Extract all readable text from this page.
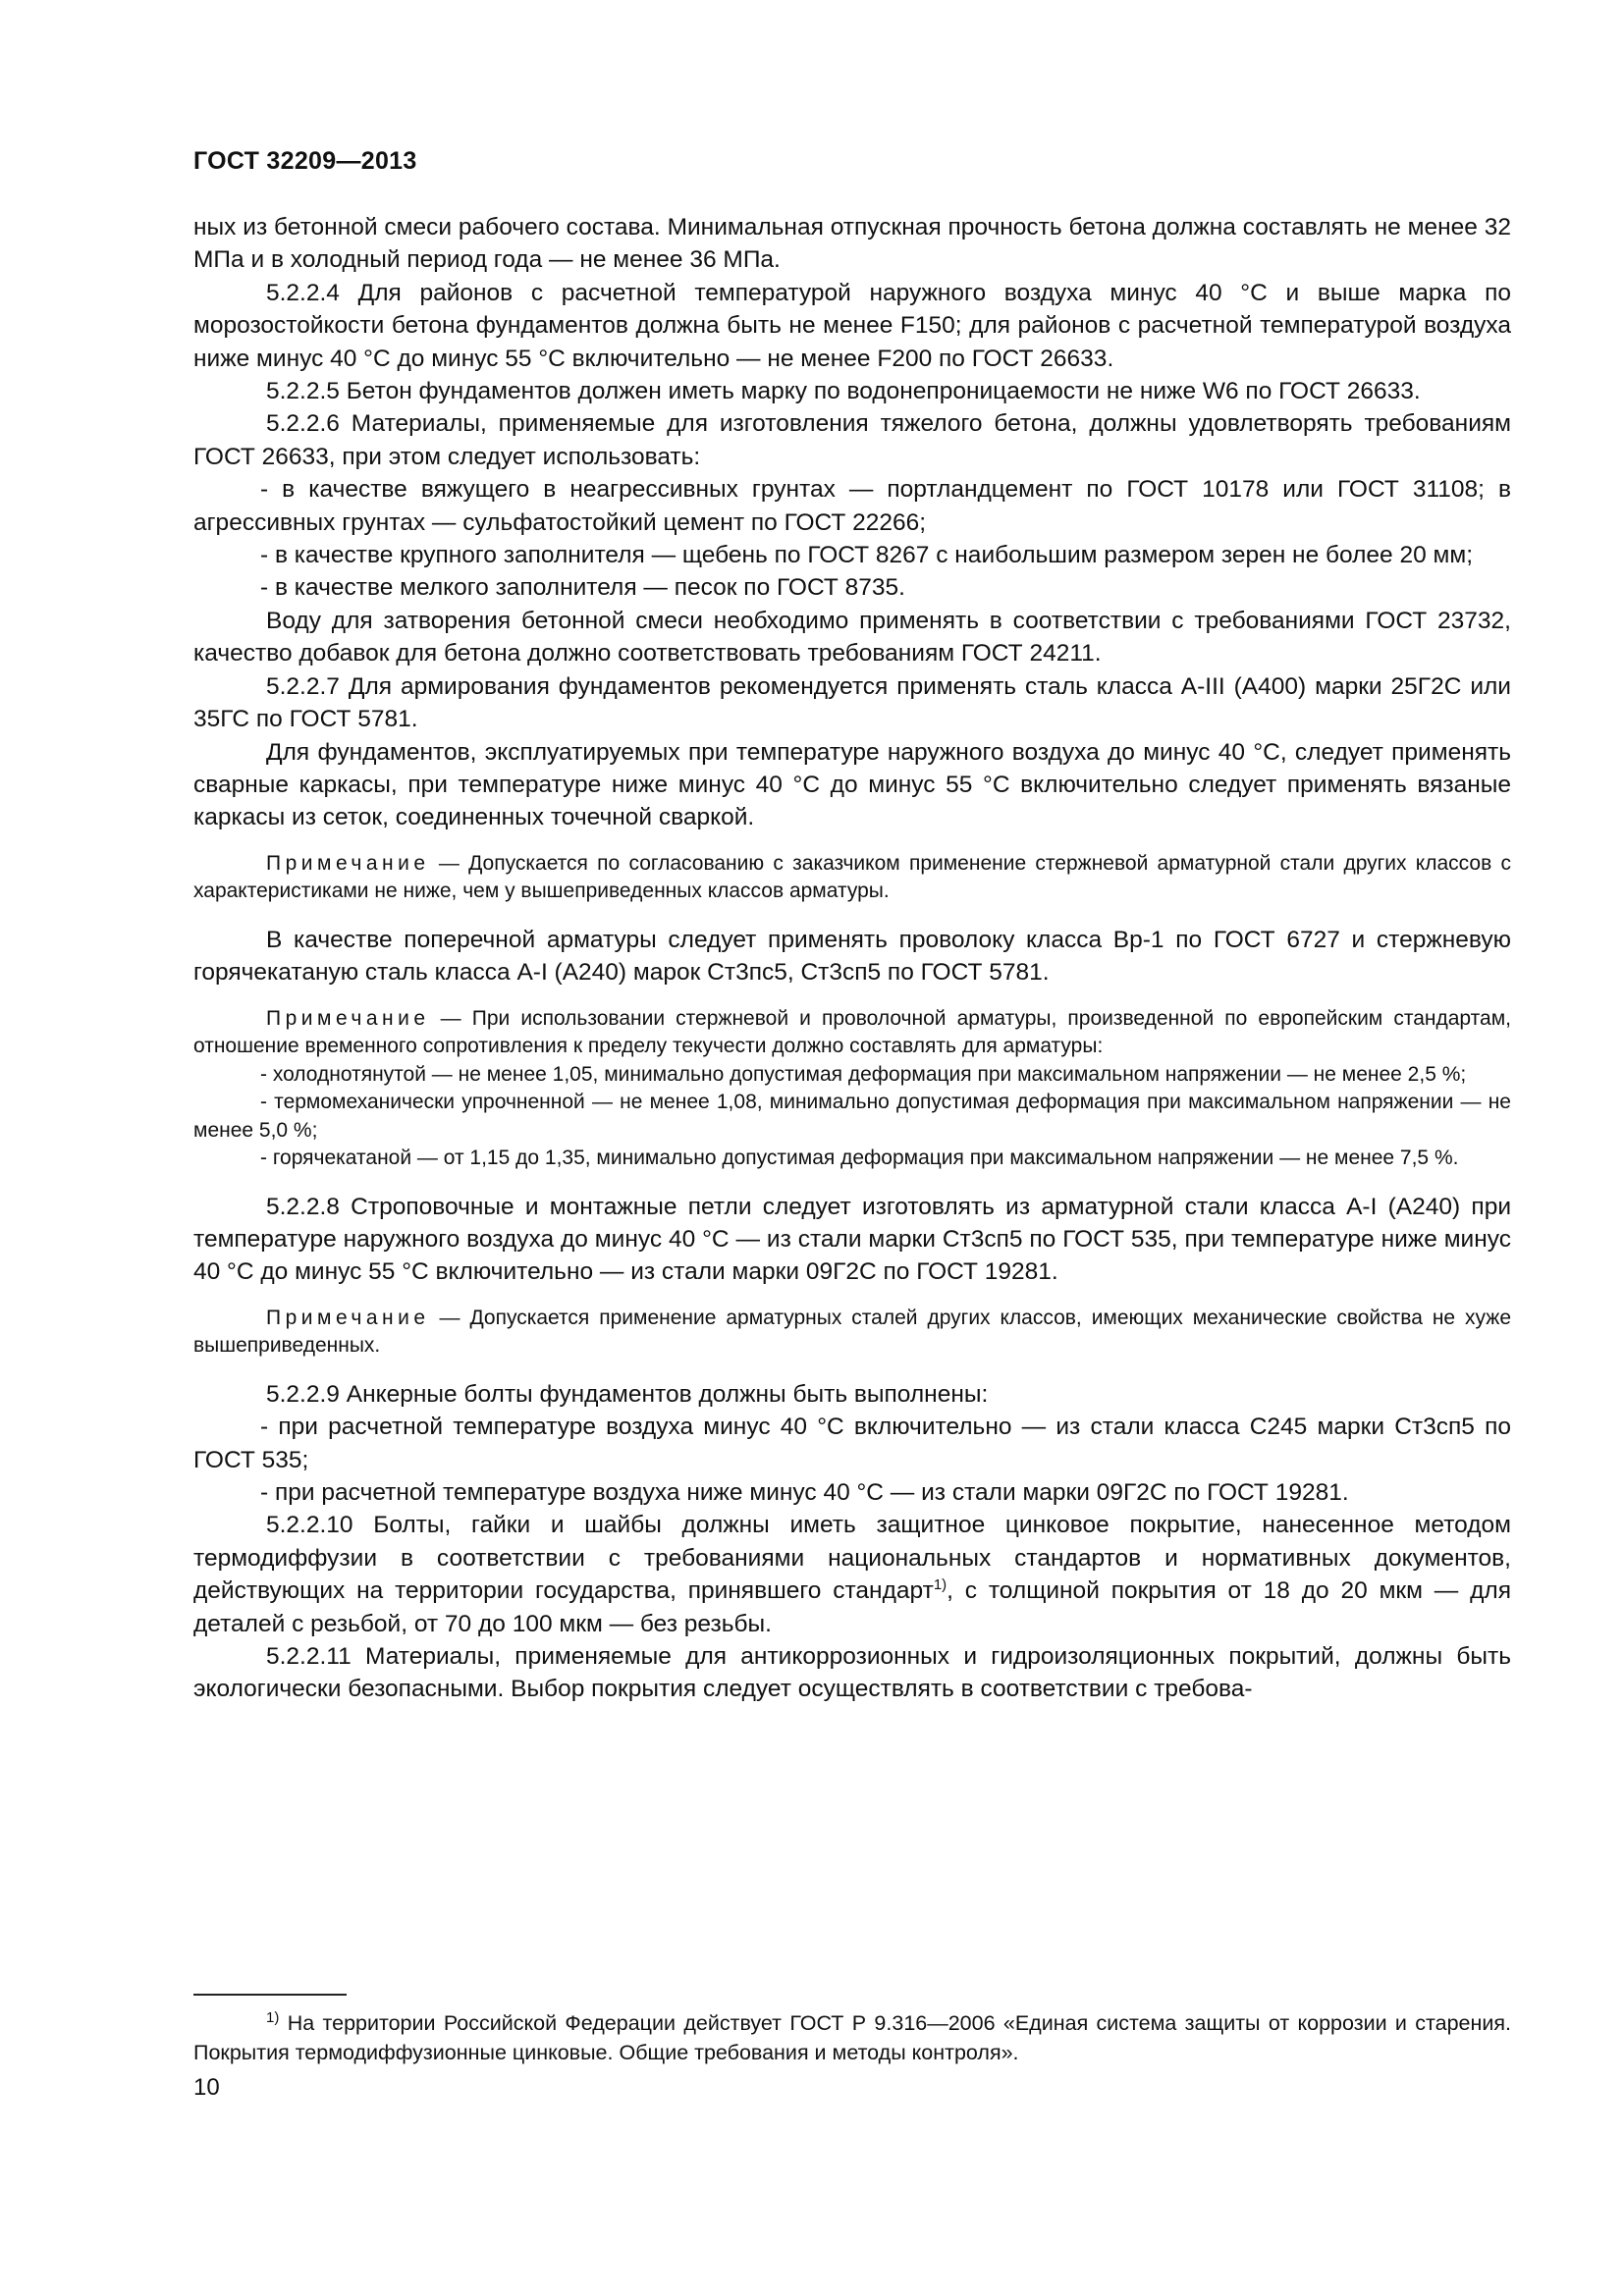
ГОСТ 32209—2013

ных из бетонной смеси рабочего состава. Минимальная отпускная прочность бетона должна составлять не менее 32 МПа и в холодный период года — не менее 36 МПа.

5.2.2.4 Для районов с расчетной температурой наружного воздуха минус 40 °С и выше марка по морозостойкости бетона фундаментов должна быть не менее F150; для районов с расчетной температурой воздуха ниже минус 40 °С до минус 55 °С включительно — не менее F200 по ГОСТ 26633.

5.2.2.5 Бетон фундаментов должен иметь марку по водонепроницаемости не ниже W6 по ГОСТ 26633.

5.2.2.6 Материалы, применяемые для изготовления тяжелого бетона, должны удовлетворять требованиям ГОСТ 26633, при этом следует использовать:

- в качестве вяжущего в неагрессивных грунтах — портландцемент по ГОСТ 10178 или ГОСТ 31108; в агрессивных грунтах — сульфатостойкий цемент по ГОСТ 22266;

- в качестве крупного заполнителя — щебень по ГОСТ 8267 с наибольшим размером зерен не более 20 мм;

- в качестве мелкого заполнителя — песок по ГОСТ 8735.

Воду для затворения бетонной смеси необходимо применять в соответствии с требованиями ГОСТ 23732, качество добавок для бетона должно соответствовать требованиям ГОСТ 24211.

5.2.2.7 Для армирования фундаментов рекомендуется применять сталь класса А-III (А400) марки 25Г2С или 35ГС по ГОСТ 5781.

Для фундаментов, эксплуатируемых при температуре наружного воздуха до минус 40 °С, следует применять сварные каркасы, при температуре ниже минус 40 °С до минус 55 °С включительно следует применять вязаные каркасы из сеток, соединенных точечной сваркой.

Примечание — Допускается по согласованию с заказчиком применение стержневой арматурной стали других классов с характеристиками не ниже, чем у вышеприведенных классов арматуры.

В качестве поперечной арматуры следует применять проволоку класса Вр-1 по ГОСТ 6727 и стержневую горячекатаную сталь класса А-I (А240) марок Ст3пс5, Ст3сп5 по ГОСТ 5781.

Примечание — При использовании стержневой и проволочной арматуры, произведенной по европейским стандартам, отношение временного сопротивления к пределу текучести должно составлять для арматуры:

- холоднотянутой — не менее 1,05, минимально допустимая деформация при максимальном напряжении — не менее 2,5 %;

- термомеханически упрочненной — не менее 1,08, минимально допустимая деформация при максимальном напряжении — не менее 5,0 %;

- горячекатаной — от 1,15 до 1,35, минимально допустимая деформация при максимальном напряжении — не менее 7,5 %.

5.2.2.8 Строповочные и монтажные петли следует изготовлять из арматурной стали класса А-I (А240) при температуре наружного воздуха до минус 40 °С — из стали марки Ст3сп5 по ГОСТ 535, при температуре ниже минус 40 °С до минус 55 °С включительно — из стали марки 09Г2С по ГОСТ 19281.

Примечание — Допускается применение арматурных сталей других классов, имеющих механические свойства не хуже вышеприведенных.

5.2.2.9 Анкерные болты фундаментов должны быть выполнены:

- при расчетной температуре воздуха минус 40 °С включительно — из стали класса С245 марки Ст3сп5 по ГОСТ 535;

- при расчетной температуре воздуха ниже минус 40 °С — из стали марки 09Г2С по ГОСТ 19281.

5.2.2.10 Болты, гайки и шайбы должны иметь защитное цинковое покрытие, нанесенное методом термодиффузии в соответствии с требованиями национальных стандартов и нормативных документов, действующих на территории государства, принявшего стандарт$^{1)}$, с толщиной покрытия от 18 до 20 мкм — для деталей с резьбой, от 70 до 100 мкм — без резьбы.

5.2.2.11 Материалы, применяемые для антикоррозионных и гидроизоляционных покрытий, должны быть экологически безопасными. Выбор покрытия следует осуществлять в соответствии с требова-

$^{1)}$ На территории Российской Федерации действует ГОСТ Р 9.316—2006 «Единая система защиты от коррозии и старения. Покрытия термодиффузионные цинковые. Общие требования и методы контроля».

10
